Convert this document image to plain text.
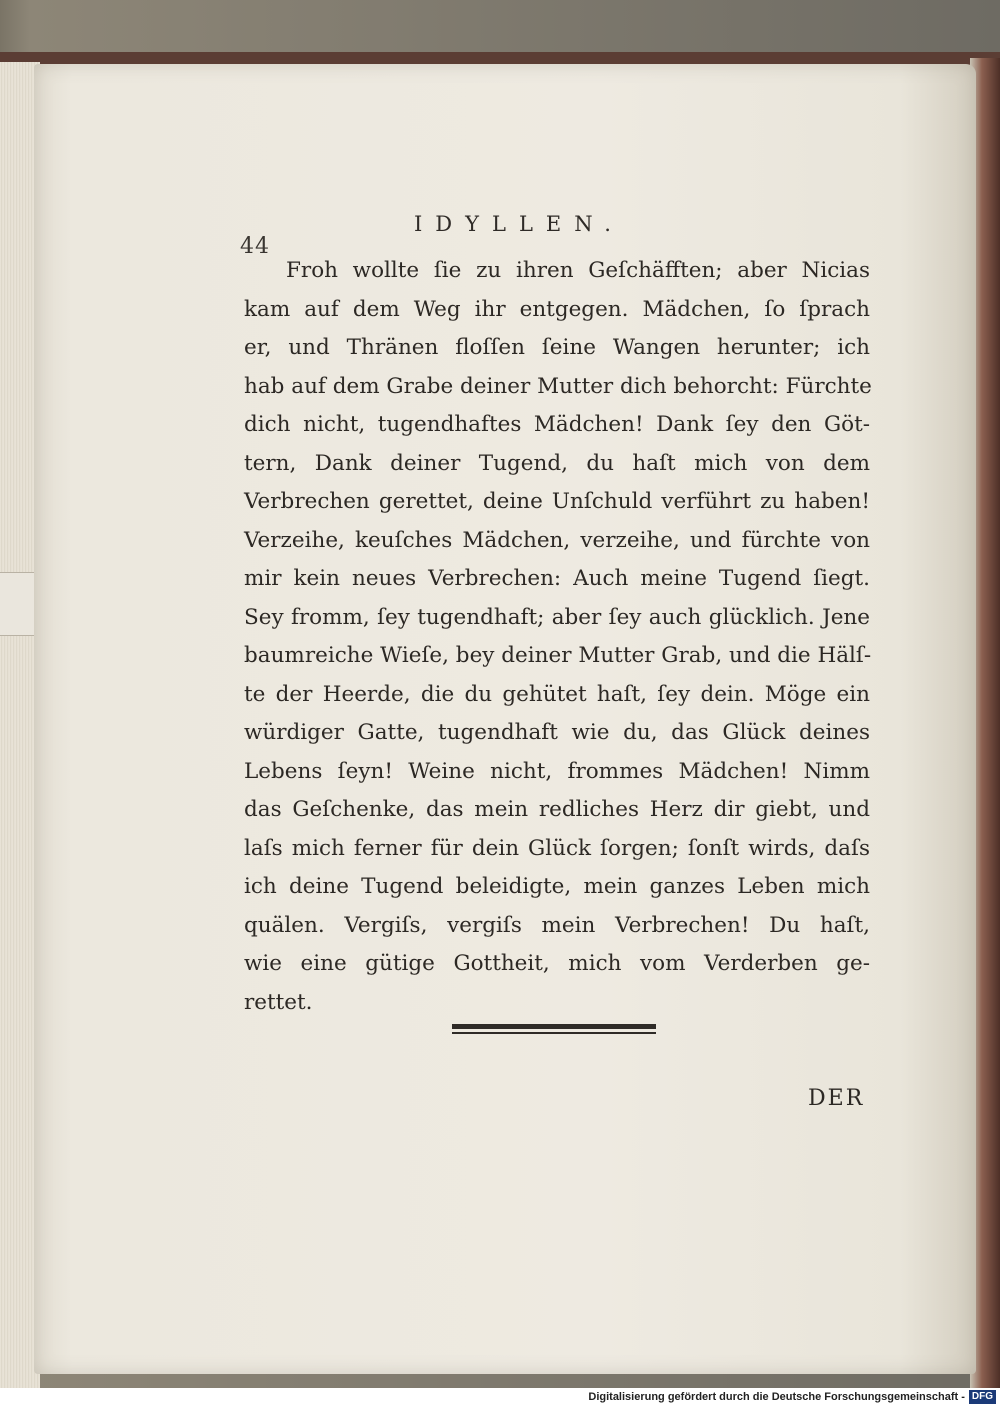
44
IDYLLEN.
Froh wollte ſie zu ihren Geſchäfften; aber Nicias
kam auf dem Weg ihr entgegen. Mädchen, ſo ſprach
er, und Thränen floſſen ſeine Wangen herunter; ich
hab auf dem Grabe deiner Mutter dich behorcht: Fürchte
dich nicht, tugendhaftes Mädchen! Dank ſey den Göt-
tern, Dank deiner Tugend, du haſt mich von dem
Verbrechen gerettet, deine Unſchuld verführt zu haben!
Verzeihe, keuſches Mädchen, verzeihe, und fürchte von
mir kein neues Verbrechen: Auch meine Tugend ſiegt.
Sey fromm, ſey tugendhaft; aber ſey auch glücklich. Jene
baumreiche Wieſe, bey deiner Mutter Grab, und die Hälſ-
te der Heerde, die du gehütet haſt, ſey dein. Möge ein
würdiger Gatte, tugendhaft wie du, das Glück deines
Lebens ſeyn! Weine nicht, frommes Mädchen! Nimm
das Geſchenke, das mein redliches Herz dir giebt, und
laſs mich ferner für dein Glück ſorgen; ſonſt wirds, daſs
ich deine Tugend beleidigte, mein ganzes Leben mich
quälen. Vergiſs, vergiſs mein Verbrechen! Du haſt,
wie eine gütige Gottheit, mich vom Verderben ge-
rettet.
DER
Digitalisierung gefördert durch die Deutsche Forschungsgemeinschaft - DFG
